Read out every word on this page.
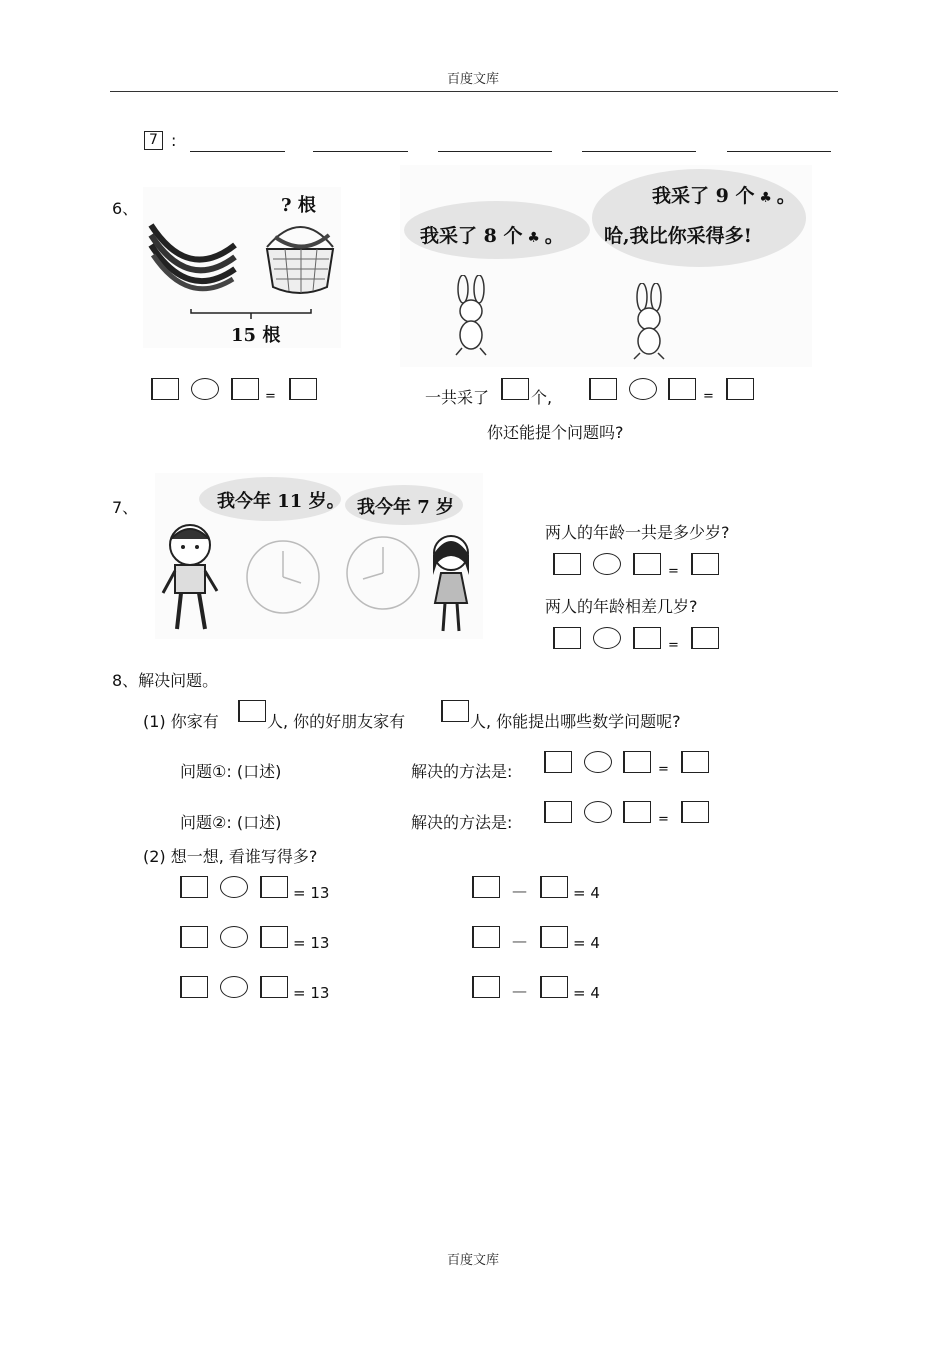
百度文库
7 :
6、	? 根
15 根
我采了 8 个 ♣ 。
我采了 9 个 ♣ 。
哈,我比你采得多!
=	一共采了	个,	=
你还能提个问题吗?
7、	我今年 11 岁。 我今年 7 岁
两人的年龄一共是多少岁?
=
两人的年龄相差几岁?
=
8、解决问题。
(1) 你家有	人, 你的好朋友家有	人, 你能提出哪些数学问题呢?
问题①: (口述)	解决的方法是:	=
问题②: (口述)	解决的方法是:	=
(2) 想一想, 看谁写得多?
= 13	—	= 4
= 13	—	= 4
= 13	—	= 4
百度文库
